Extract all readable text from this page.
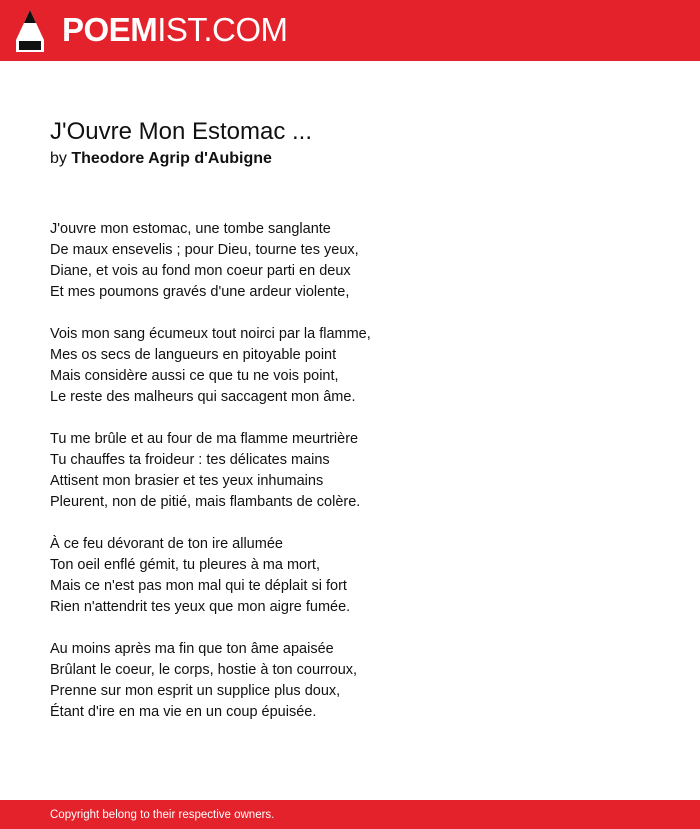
POEMIST.COM
J'Ouvre Mon Estomac ...
by Theodore Agrip d'Aubigne

J'ouvre mon estomac, une tombe sanglante
De maux ensevelis ; pour Dieu, tourne tes yeux,
Diane, et vois au fond mon coeur parti en deux
Et mes poumons gravés d'une ardeur violente,

Vois mon sang écumeux tout noirci par la flamme,
Mes os secs de langueurs en pitoyable point
Mais considère aussi ce que tu ne vois point,
Le reste des malheurs qui saccagent mon âme.

Tu me brûle et au four de ma flamme meurtrière
Tu chauffes ta froideur : tes délicates mains
Attisent mon brasier et tes yeux inhumains
Pleurent, non de pitié, mais flambants de colère.

À ce feu dévorant de ton ire allumée
Ton oeil enflé gémit, tu pleures à ma mort,
Mais ce n'est pas mon mal qui te déplait si fort
Rien n'attendrit tes yeux que mon aigre fumée.

Au moins après ma fin que ton âme apaisée
Brûlant le coeur, le corps, hostie à ton courroux,
Prenne sur mon esprit un supplice plus doux,
Étant d'ire en ma vie en un coup épuisée.

Copyright belong to their respective owners.
